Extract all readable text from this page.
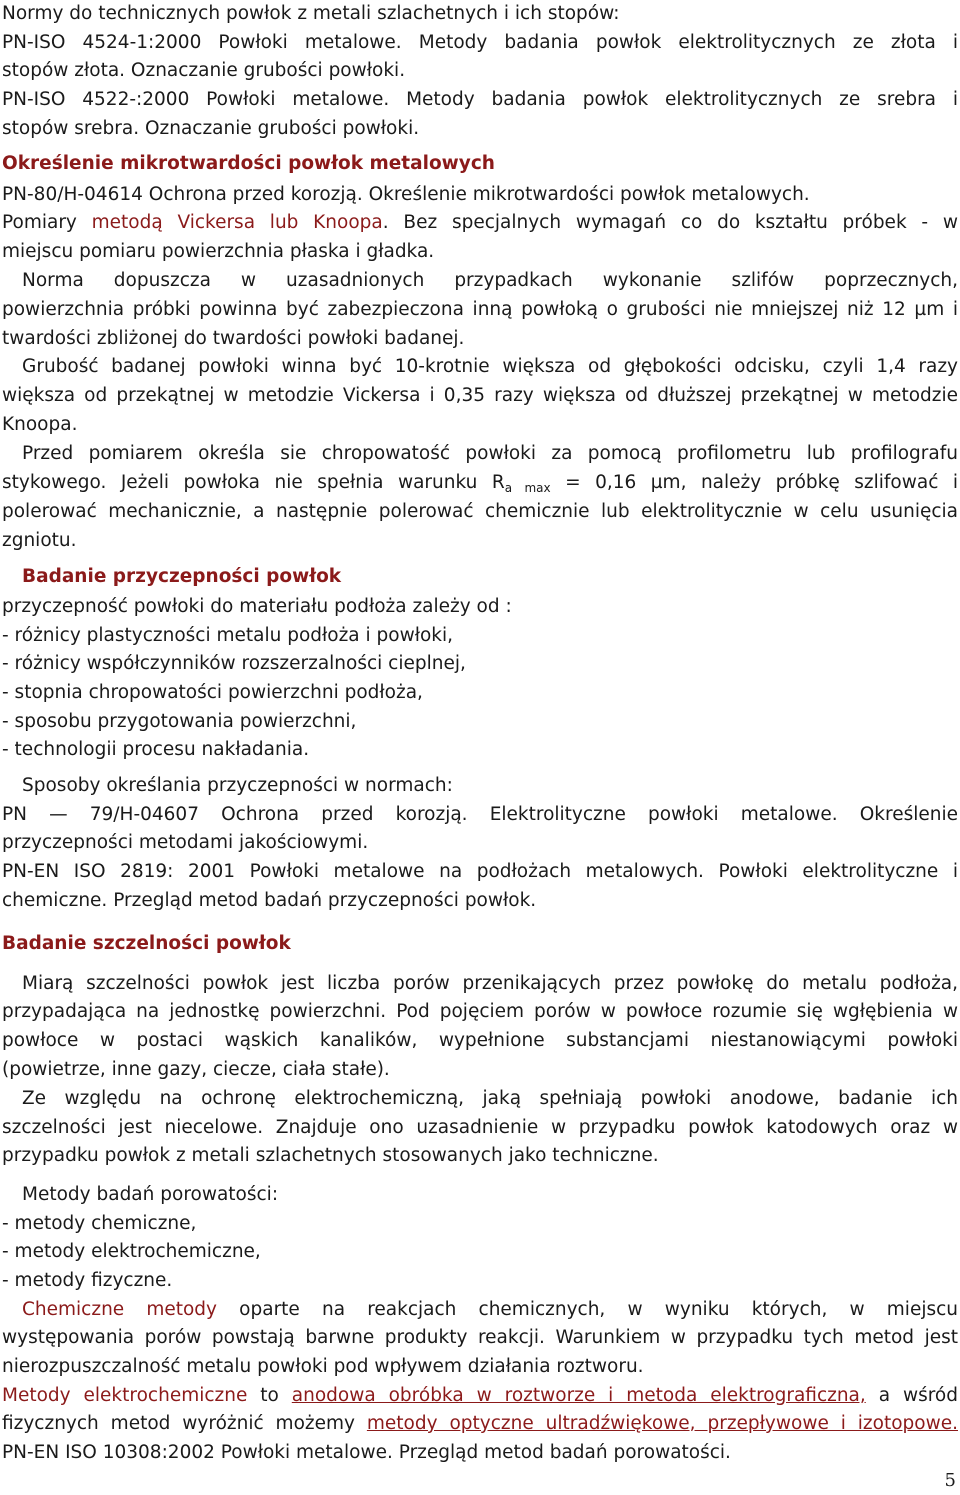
Normy do technicznych powłok z metali szlachetnych i ich stopów:
PN-ISO 4524-1:2000 Powłoki metalowe. Metody badania powłok elektrolitycznych ze złota i
stopów złota. Oznaczanie grubości powłoki.
PN-ISO 4522-:2000 Powłoki metalowe. Metody badania powłok elektrolitycznych ze srebra i
stopów srebra. Oznaczanie grubości powłoki.
Określenie mikrotwardości powłok metalowych
PN-80/H-04614 Ochrona przed korozją. Określenie mikrotwardości powłok metalowych.
Pomiary metodą Vickersa lub Knoopa. Bez specjalnych wymagań co do kształtu próbek - w
miejscu pomiaru powierzchnia płaska i gładka.
Norma dopuszcza w uzasadnionych przypadkach wykonanie szlifów poprzecznych,
powierzchnia próbki powinna być zabezpieczona inną powłoką o grubości nie mniejszej niż 12 µm i
twardości zbliżonej do twardości powłoki badanej.
Grubość badanej powłoki winna być 10-krotnie większa od głębokości odcisku, czyli 1,4 razy
większa od przekątnej w metodzie Vickersa i 0,35 razy większa od dłuższej przekątnej w metodzie
Knoopa.
Przed pomiarem określa sie chropowatość powłoki za pomocą profilometru lub profilografu
stykowego. Jeżeli powłoka nie spełnia warunku $R_{a max} = 0,16$ µm, należy próbkę szlifować i
polerować mechanicznie, a następnie polerować chemicznie lub elektrolitycznie w celu usunięcia
zgniotu.
Badanie przyczepności powłok
przyczepność powłoki do materiału podłoża zależy od :
- różnicy plastyczności metalu podłoża i powłoki,
- różnicy współczynników rozszerzalności cieplnej,
- stopnia chropowatości powierzchni podłoża,
- sposobu przygotowania powierzchni,
- technologii procesu nakładania.
Sposoby określania przyczepności w normach:
PN — 79/H-04607 Ochrona przed korozją. Elektrolityczne powłoki metalowe. Określenie
przyczepności metodami jakościowymi.
PN-EN ISO 2819: 2001 Powłoki metalowe na podłożach metalowych. Powłoki elektrolityczne i
chemiczne. Przegląd metod badań przyczepności powłok.
Badanie szczelności powłok
Miarą szczelności powłok jest liczba porów przenikających przez powłokę do metalu podłoża,
przypadająca na jednostkę powierzchni. Pod pojęciem porów w powłoce rozumie się wgłębienia w
powłoce w postaci wąskich kanalików, wypełnione substancjami niestanowiącymi powłoki
(powietrze, inne gazy, ciecze, ciała stałe).
Ze względu na ochronę elektrochemiczną, jaką spełniają powłoki anodowe, badanie ich
szczelności jest niecelowe. Znajduje ono uzasadnienie w przypadku powłok katodowych oraz w
przypadku powłok z metali szlachetnych stosowanych jako techniczne.
Metody badań porowatości:
- metody chemiczne,
- metody elektrochemiczne,
- metody fizyczne.
Chemiczne metody oparte na reakcjach chemicznych, w wyniku których, w miejscu
występowania porów powstają barwne produkty reakcji. Warunkiem w przypadku tych metod jest
nierozpuszczalność metalu powłoki pod wpływem działania roztworu.
Metody elektrochemiczne to anodowa obróbka w roztworze i metoda elektrograficzna, a wśród
fizycznych metod wyróżnić możemy metody optyczne ultradźwiękowe, przepływowe i izotopowe.
PN-EN ISO 10308:2002 Powłoki metalowe. Przegląd metod badań porowatości.
5
